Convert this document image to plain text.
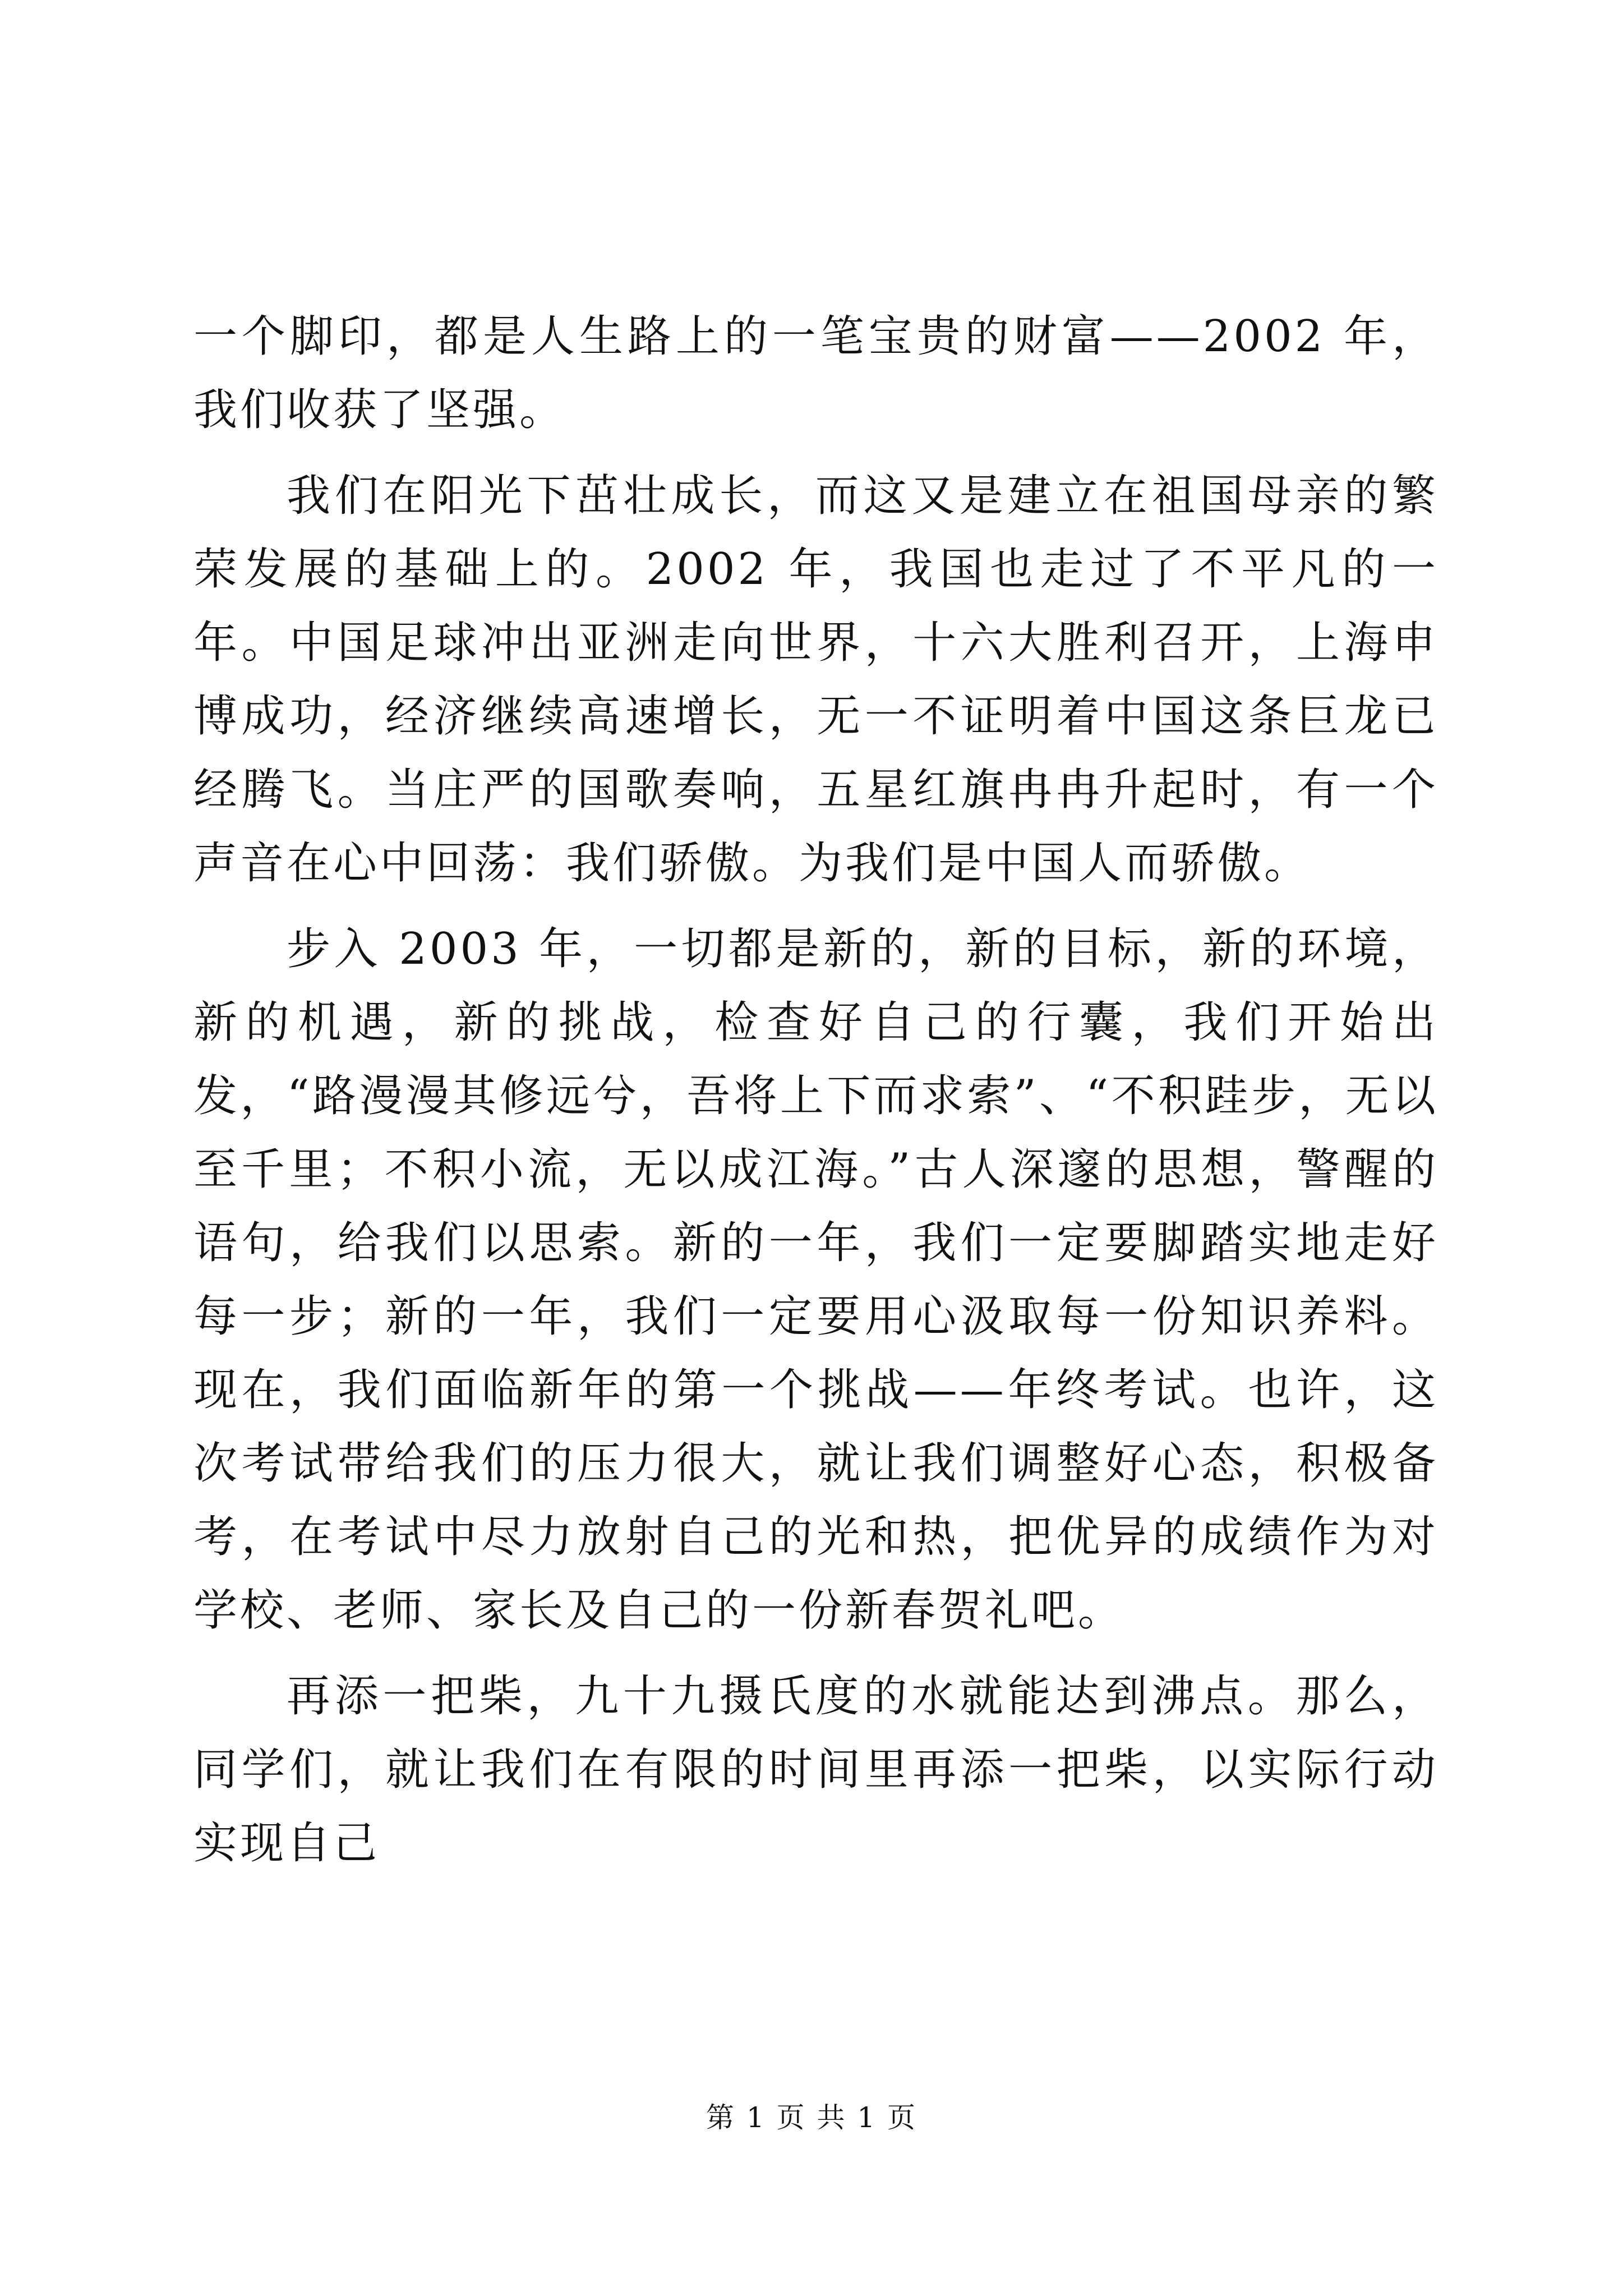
一个脚印，都是人生路上的一笔宝贵的财富——2002 年，我们收获了坚强。

我们在阳光下茁壮成长，而这又是建立在祖国母亲的繁荣发展的基础上的。2002 年，我国也走过了不平凡的一年。中国足球冲出亚洲走向世界，十六大胜利召开，上海申博成功，经济继续高速增长，无一不证明着中国这条巨龙已经腾飞。当庄严的国歌奏响，五星红旗冉冉升起时，有一个声音在心中回荡：我们骄傲。为我们是中国人而骄傲。

步入 2003 年，一切都是新的，新的目标，新的环境，新的机遇，新的挑战，检查好自己的行囊，我们开始出发，“路漫漫其修远兮，吾将上下而求索”、“不积跬步，无以至千里；不积小流，无以成江海。”古人深邃的思想，警醒的语句，给我们以思索。新的一年，我们一定要脚踏实地走好每一步；新的一年，我们一定要用心汲取每一份知识养料。现在，我们面临新年的第一个挑战——年终考试。也许，这次考试带给我们的压力很大，就让我们调整好心态，积极备考，在考试中尽力放射自己的光和热，把优异的成绩作为对学校、老师、家长及自己的一份新春贺礼吧。

再添一把柴，九十九摄氏度的水就能达到沸点。那么，同学们，就让我们在有限的时间里再添一把柴，以实际行动实现自己

第 1 页 共 1 页
